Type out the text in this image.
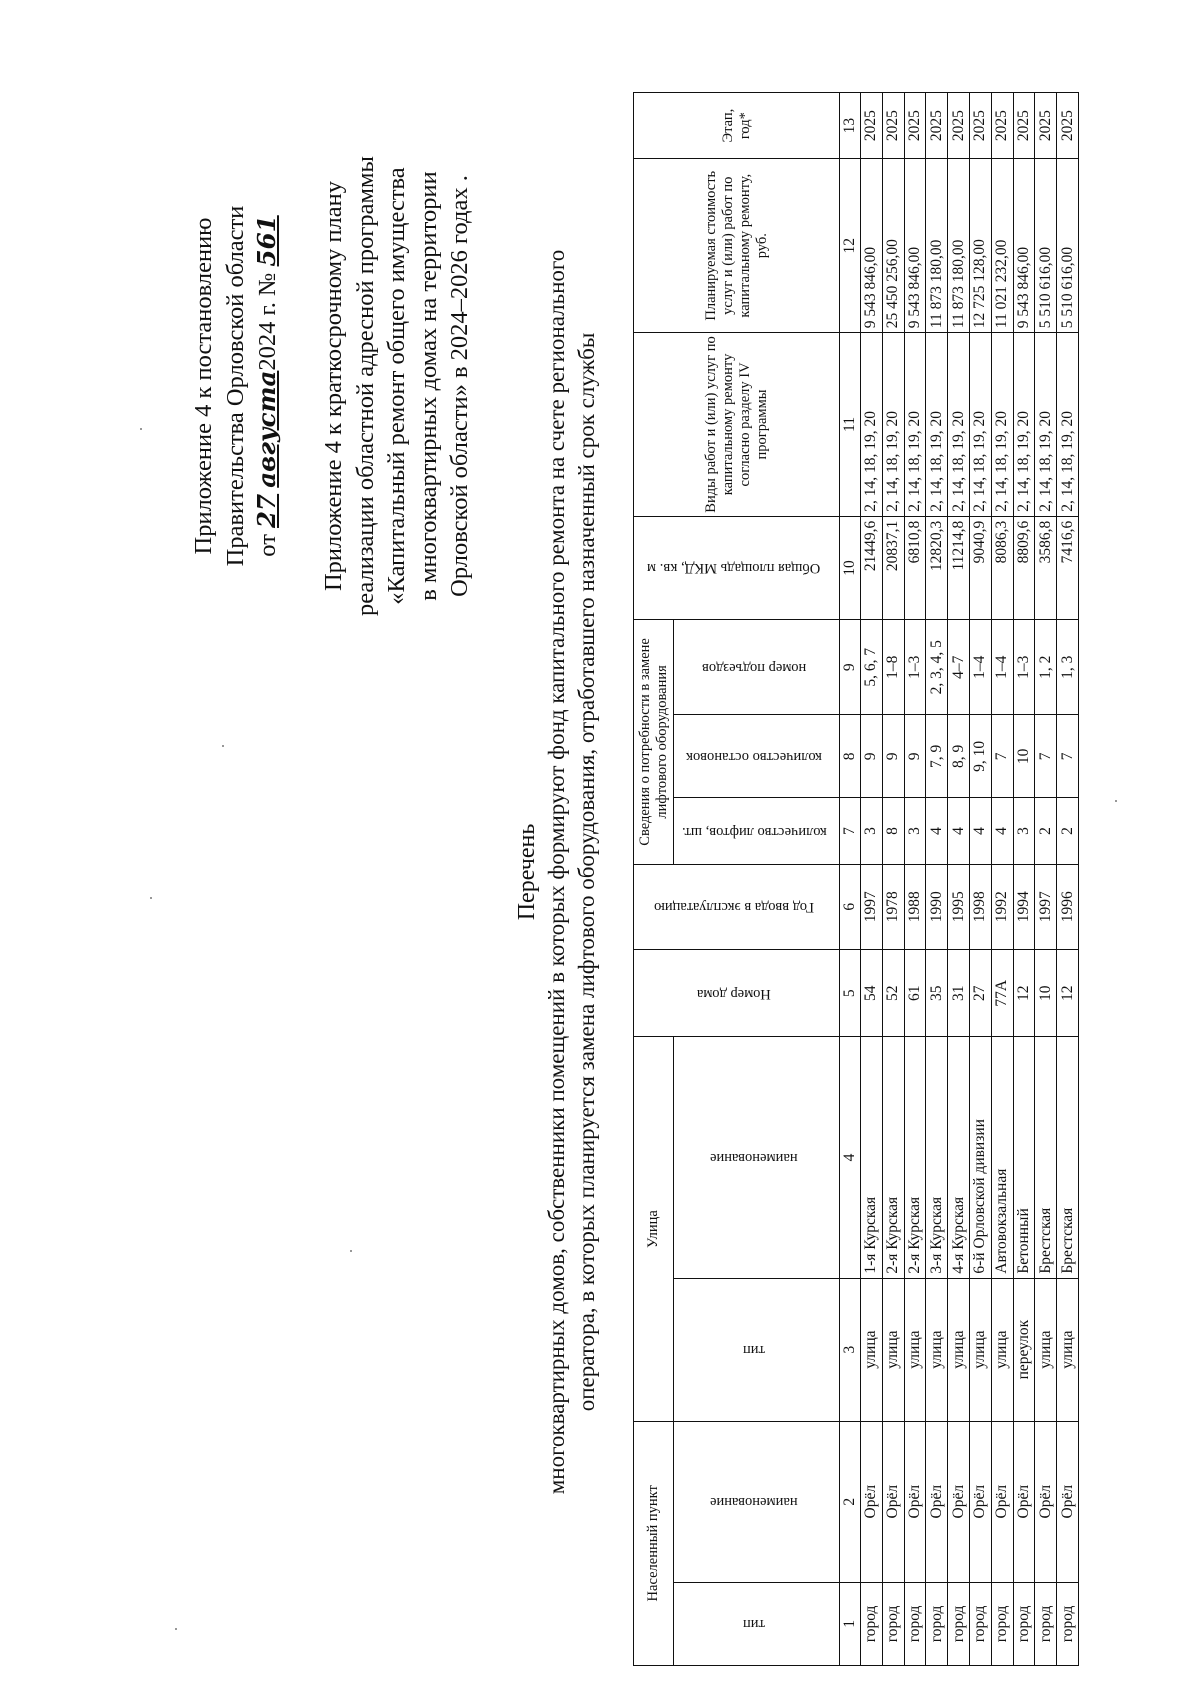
Приложение 4 к постановлению Правительства Орловской области от 27 августа2024 г. № 561 Приложение 4 к краткосрочному плану реализации областной адресной программы «Капитальный ремонт общего имущества в многоквартирных домах на территории Орловской области» в 2024–2026 годах .
Перечень многоквартирных домов, собственники помещений в которых формируют фонд капитального ремонта на счете регионального оператора, в которых планируется замена лифтового оборудования, отработавшего назначенный срок службы
Населенный пункт		Улица		Номер дома	Год ввода в эксплуатацию	Сведения о потребности в замене лифтового оборудования			Общая площадь МКД, кв. м	Виды работ и (или) услуг по капитальному ремонту согласно разделу IV программы	Планируемая стоимость услуг и (или) работ по капитальному ремонту, руб.	Этап, год*
тип	наименование	тип	наименование			количество лифтов, шт.	количество остановок	номер подъездов				
1	2	3	4	5	6	7	8	9	10	11	12	13
город	Орёл	улица	1-я Курская	54	1997	3	9	5, 6, 7	21449,6	2, 14, 18, 19, 20	9 543 846,00	2025
город	Орёл	улица	2-я Курская	52	1978	8	9	1–8	20837,1	2, 14, 18, 19, 20	25 450 256,00	2025
город	Орёл	улица	2-я Курская	61	1988	3	9	1–3	6810,8	2, 14, 18, 19, 20	9 543 846,00	2025
город	Орёл	улица	3-я Курская	35	1990	4	7, 9	2, 3, 4, 5	12820,3	2, 14, 18, 19, 20	11 873 180,00	2025
город	Орёл	улица	4-я Курская	31	1995	4	8, 9	4–7	11214,8	2, 14, 18, 19, 20	11 873 180,00	2025
город	Орёл	улица	6-й Орловской дивизии	27	1998	4	9, 10	1–4	9040,9	2, 14, 18, 19, 20	12 725 128,00	2025
город	Орёл	улица	Автовокзальная	77А	1992	4	7	1–4	8086,3	2, 14, 18, 19, 20	11 021 232,00	2025
город	Орёл	переулок	Бетонный	12	1994	3	10	1–3	8809,6	2, 14, 18, 19, 20	9 543 846,00	2025
город	Орёл	улица	Брестская	10	1997	2	7	1, 2	3586,8	2, 14, 18, 19, 20	5 510 616,00	2025
город	Орёл	улица	Брестская	12	1996	2	7	1, 3	7416,6	2, 14, 18, 19, 20	5 510 616,00	2025
